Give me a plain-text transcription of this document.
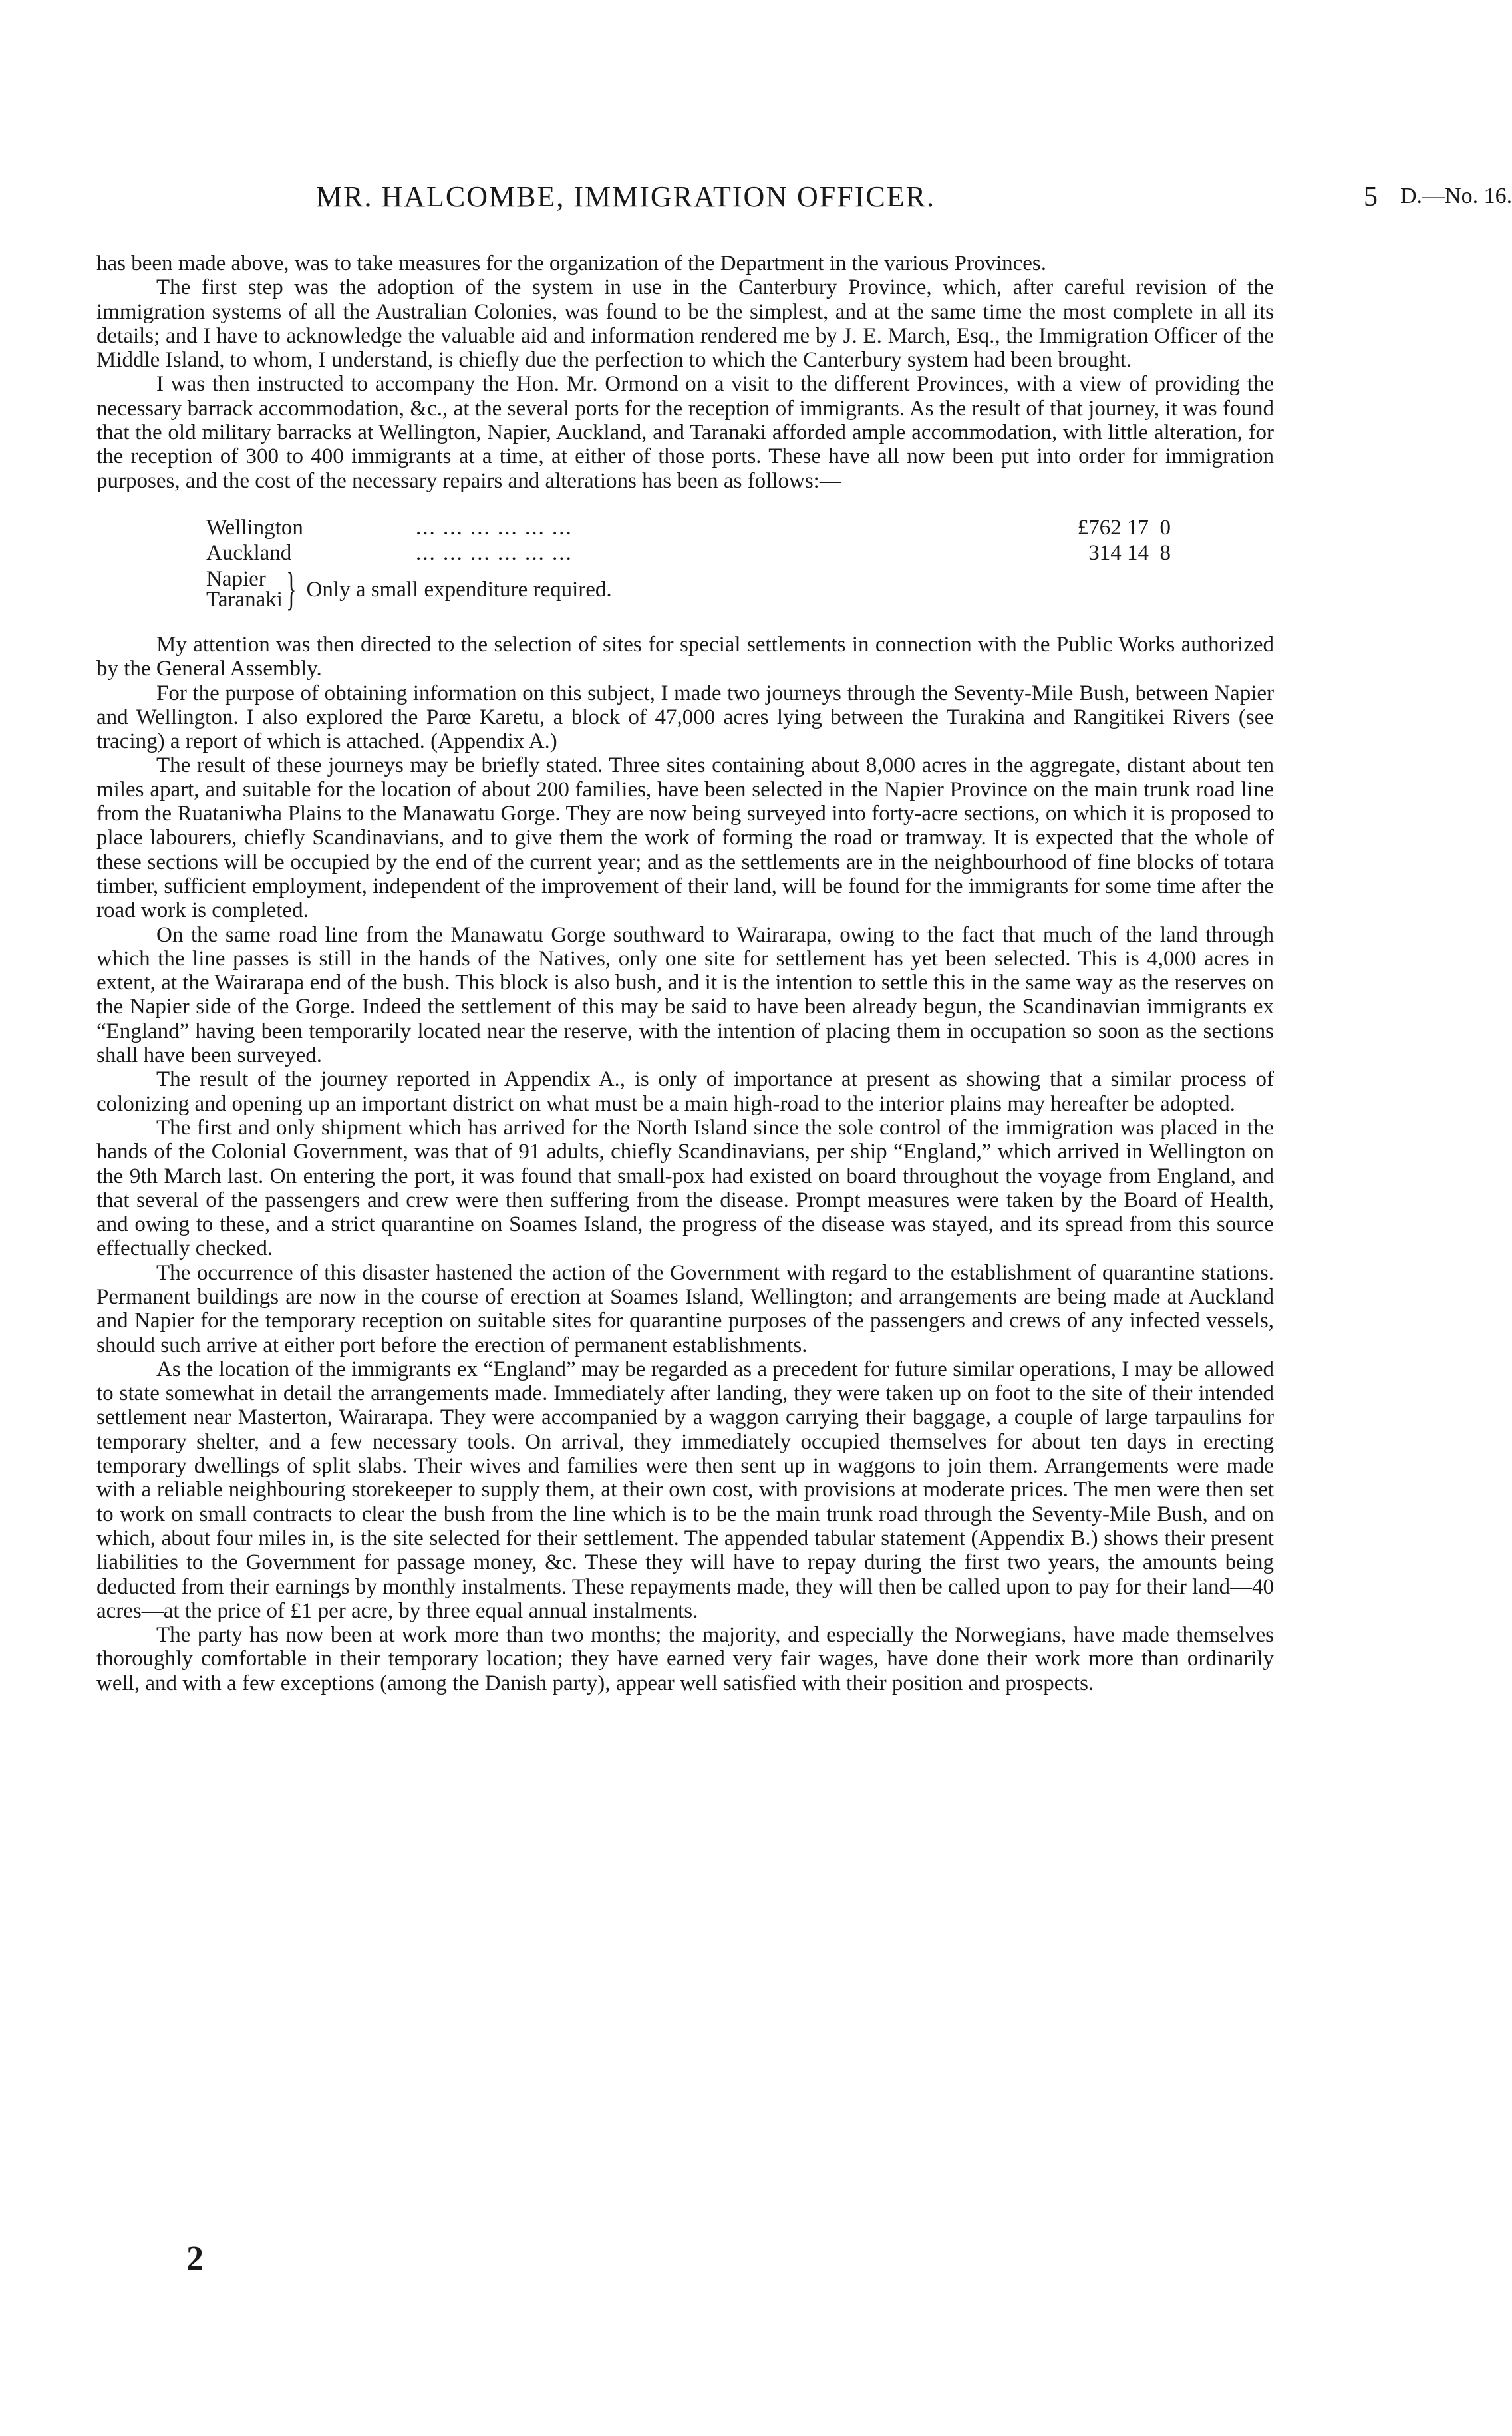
MR. HALCOMBE, IMMIGRATION OFFICER.	5 D.—No. 16.

has been made above, was to take measures for the organization of the Department in the various Provinces.

The first step was the adoption of the system in use in the Canterbury Province, which, after careful revision of the immigration systems of all the Australian Colonies, was found to be the simplest, and at the same time the most complete in all its details; and I have to acknowledge the valuable aid and information rendered me by J. E. March, Esq., the Immigration Officer of the Middle Island, to whom, I understand, is chiefly due the perfection to which the Canterbury system had been brought.

I was then instructed to accompany the Hon. Mr. Ormond on a visit to the different Provinces, with a view of providing the necessary barrack accommodation, &c., at the several ports for the reception of immigrants. As the result of that journey, it was found that the old military barracks at Wellington, Napier, Auckland, and Taranaki afforded ample accommodation, with little alteration, for the reception of 300 to 400 immigrants at a time, at either of those ports. These have all now been put into order for immigration purposes, and the cost of the necessary repairs and alterations has been as follows:—

Wellington	... ... ... ... ... ...	£762 17  0
Auckland	... ... ... ... ... ...	314 14  8
Napier
Taranaki } Only a small expenditure required.

My attention was then directed to the selection of sites for special settlements in connection with the Public Works authorized by the General Assembly.

For the purpose of obtaining information on this subject, I made two journeys through the Seventy-Mile Bush, between Napier and Wellington. I also explored the Parœ Karetu, a block of 47,000 acres lying between the Turakina and Rangitikei Rivers (see tracing) a report of which is attached. (Appendix A.)

The result of these journeys may be briefly stated. Three sites containing about 8,000 acres in the aggregate, distant about ten miles apart, and suitable for the location of about 200 families, have been selected in the Napier Province on the main trunk road line from the Ruataniwha Plains to the Manawatu Gorge. They are now being surveyed into forty-acre sections, on which it is proposed to place labourers, chiefly Scandinavians, and to give them the work of forming the road or tramway. It is expected that the whole of these sections will be occupied by the end of the current year; and as the settlements are in the neighbourhood of fine blocks of totara timber, sufficient employment, independent of the improvement of their land, will be found for the immigrants for some time after the road work is completed.

On the same road line from the Manawatu Gorge southward to Wairarapa, owing to the fact that much of the land through which the line passes is still in the hands of the Natives, only one site for settlement has yet been selected. This is 4,000 acres in extent, at the Wairarapa end of the bush. This block is also bush, and it is the intention to settle this in the same way as the reserves on the Napier side of the Gorge. Indeed the settlement of this may be said to have been already begun, the Scandinavian immigrants ex “England” having been temporarily located near the reserve, with the intention of placing them in occupation so soon as the sections shall have been surveyed.

The result of the journey reported in Appendix A., is only of importance at present as showing that a similar process of colonizing and opening up an important district on what must be a main high-road to the interior plains may hereafter be adopted.

The first and only shipment which has arrived for the North Island since the sole control of the immigration was placed in the hands of the Colonial Government, was that of 91 adults, chiefly Scandinavians, per ship “England,” which arrived in Wellington on the 9th March last. On entering the port, it was found that small-pox had existed on board throughout the voyage from England, and that several of the passengers and crew were then suffering from the disease. Prompt measures were taken by the Board of Health, and owing to these, and a strict quarantine on Soames Island, the progress of the disease was stayed, and its spread from this source effectually checked.

The occurrence of this disaster hastened the action of the Government with regard to the establishment of quarantine stations. Permanent buildings are now in the course of erection at Soames Island, Wellington; and arrangements are being made at Auckland and Napier for the temporary reception on suitable sites for quarantine purposes of the passengers and crews of any infected vessels, should such arrive at either port before the erection of permanent establishments.

As the location of the immigrants ex “England” may be regarded as a precedent for future similar operations, I may be allowed to state somewhat in detail the arrangements made. Immediately after landing, they were taken up on foot to the site of their intended settlement near Masterton, Wairarapa. They were accompanied by a waggon carrying their baggage, a couple of large tarpaulins for temporary shelter, and a few necessary tools. On arrival, they immediately occupied themselves for about ten days in erecting temporary dwellings of split slabs. Their wives and families were then sent up in waggons to join them. Arrangements were made with a reliable neighbouring storekeeper to supply them, at their own cost, with provisions at moderate prices. The men were then set to work on small contracts to clear the bush from the line which is to be the main trunk road through the Seventy-Mile Bush, and on which, about four miles in, is the site selected for their settlement. The appended tabular statement (Appendix B.) shows their present liabilities to the Government for passage money, &c. These they will have to repay during the first two years, the amounts being deducted from their earnings by monthly instalments. These repayments made, they will then be called upon to pay for their land—40 acres—at the price of £1 per acre, by three equal annual instalments.

The party has now been at work more than two months; the majority, and especially the Norwegians, have made themselves thoroughly comfortable in their temporary location; they have earned very fair wages, have done their work more than ordinarily well, and with a few exceptions (among the Danish party), appear well satisfied with their position and prospects.

2
